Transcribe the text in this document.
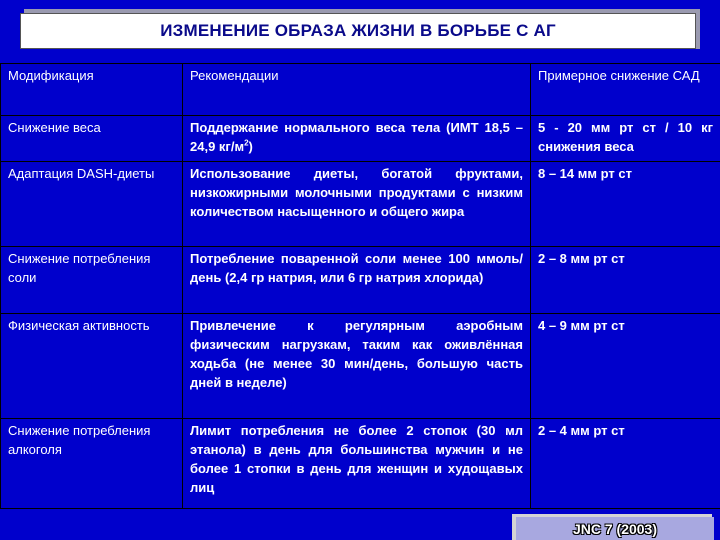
ИЗМЕНЕНИЕ ОБРАЗА ЖИЗНИ В БОРЬБЕ С АГ
Модификация	Рекомендации	Примерное снижение САД
Снижение веса	Поддержание нормального веса тела (ИМТ 18,5 – 24,9 $кг/м^2$)	5 - 20 мм рт ст / 10 кг снижения веса
Адаптация DASH-диеты	Использование диеты, богатой фруктами, низкожирными молочными продуктами с низким количеством насыщенного и общего жира	8 – 14 мм рт ст
Снижение потребления соли	Потребление поваренной соли менее 100 ммоль/день (2,4 гр натрия, или 6 гр натрия хлорида)	2 – 8 мм рт ст
Физическая активность	Привлечение к регулярным аэробным физическим нагрузкам, таким как оживлённая ходьба (не менее 30 мин/день, большую часть дней в неделе)	4 – 9 мм рт ст
Снижение потребления алкоголя	Лимит потребления не более 2 стопок (30 мл этанола) в день для большинства мужчин и не более 1 стопки в день для женщин и худощавых лиц	2 – 4 мм рт ст
JNC 7 (2003)
